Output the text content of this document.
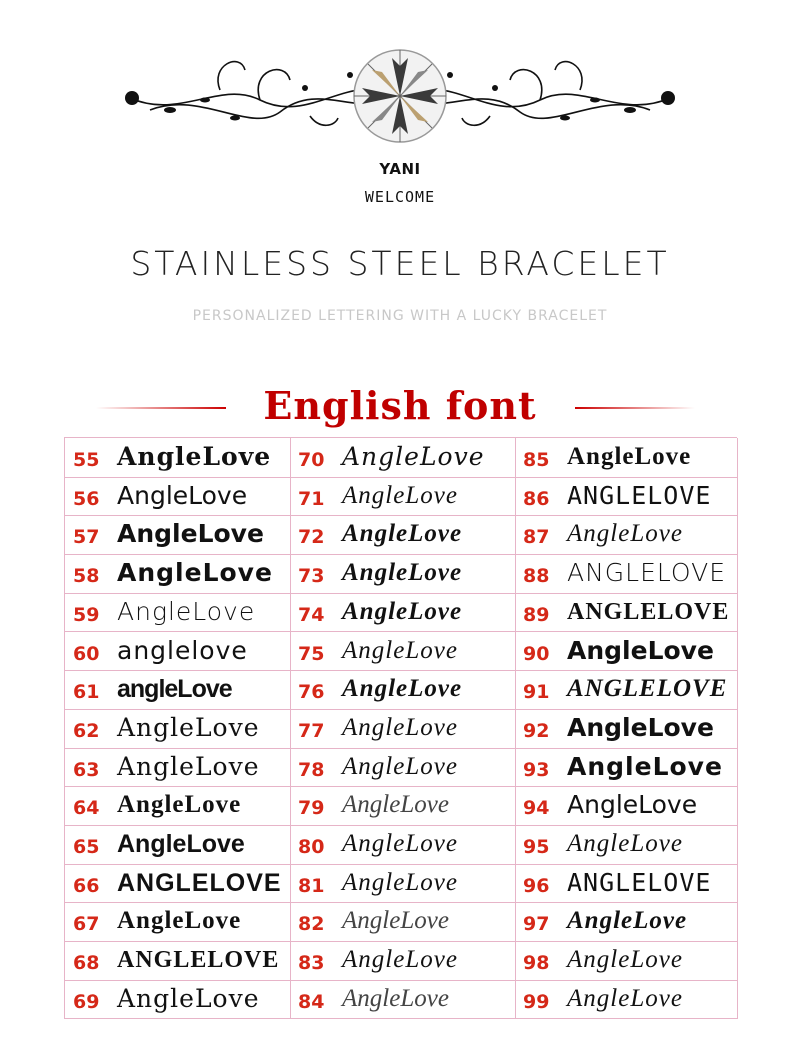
YANI
WELCOME
STAINLESS STEEL BRACELET
PERSONALIZED LETTERING WITH A LUCKY BRACELET
English font
55 AngleLove
56 AngleLove
57 AngleLove
58 AngleLove
59 AngleLove
60 anglelove
61 angleLove
62 AngleLove
63 AngleLove
64 AngleLove
65 AngleLove
66 ANGLELOVE
67 AngleLove
68 ANGLELOVE
69 AngleLove
70 AngleLove
71 AngleLove
72 AngleLove
73 AngleLove
74 AngleLove
75 AngleLove
76 AngleLove
77 AngleLove
78 AngleLove
79 AngleLove
80 AngleLove
81 AngleLove
82 AngleLove
83 AngleLove
84 AngleLove
85 AngleLove
86 ANGLELOVE
87 AngleLove
88 ANGLELOVE
89 ANGLELOVE
90 AngleLove
91 ANGLELOVE
92 AngleLove
93 AngleLove
94 AngleLove
95 AngleLove
96 ANGLELOVE
97 AngleLove
98 AngleLove
99 AngleLove
